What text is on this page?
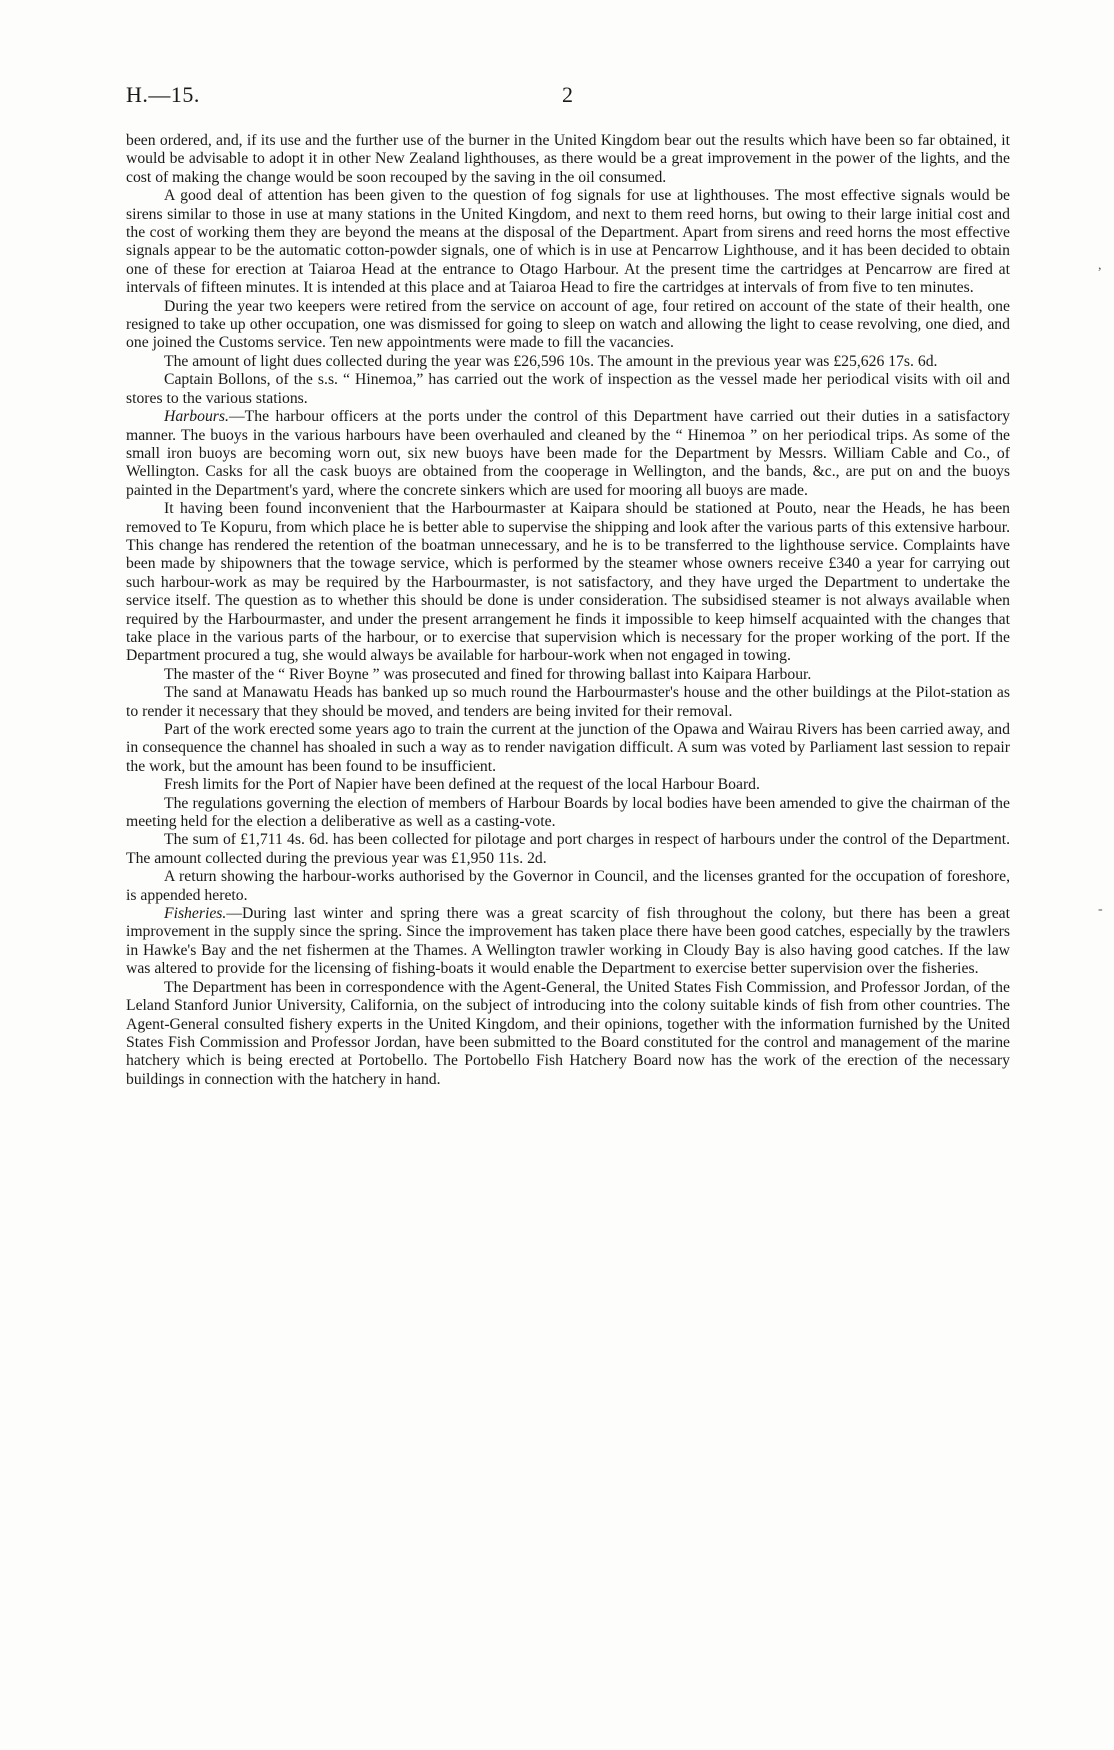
H.—15.	2

been ordered, and, if its use and the further use of the burner in the United Kingdom bear out the results which have been so far obtained, it would be advisable to adopt it in other New Zealand lighthouses, as there would be a great improvement in the power of the lights, and the cost of making the change would be soon recouped by the saving in the oil consumed.

A good deal of attention has been given to the question of fog signals for use at lighthouses. The most effective signals would be sirens similar to those in use at many stations in the United Kingdom, and next to them reed horns, but owing to their large initial cost and the cost of working them they are beyond the means at the disposal of the Department. Apart from sirens and reed horns the most effective signals appear to be the automatic cotton-powder signals, one of which is in use at Pencarrow Lighthouse, and it has been decided to obtain one of these for erection at Taiaroa Head at the entrance to Otago Harbour. At the present time the cartridges at Pencarrow are fired at intervals of fifteen minutes. It is intended at this place and at Taiaroa Head to fire the cartridges at intervals of from five to ten minutes.

During the year two keepers were retired from the service on account of age, four retired on account of the state of their health, one resigned to take up other occupation, one was dismissed for going to sleep on watch and allowing the light to cease revolving, one died, and one joined the Customs service. Ten new appointments were made to fill the vacancies.

The amount of light dues collected during the year was £26,596 10s. The amount in the previous year was £25,626 17s. 6d.

Captain Bollons, of the s.s. “ Hinemoa,” has carried out the work of inspection as the vessel made her periodical visits with oil and stores to the various stations.

Harbours.—The harbour officers at the ports under the control of this Department have carried out their duties in a satisfactory manner. The buoys in the various harbours have been overhauled and cleaned by the “ Hinemoa ” on her periodical trips. As some of the small iron buoys are becoming worn out, six new buoys have been made for the Department by Messrs. William Cable and Co., of Wellington. Casks for all the cask buoys are obtained from the cooperage in Wellington, and the bands, &c., are put on and the buoys painted in the Department's yard, where the concrete sinkers which are used for mooring all buoys are made.

It having been found inconvenient that the Harbourmaster at Kaipara should be stationed at Pouto, near the Heads, he has been removed to Te Kopuru, from which place he is better able to supervise the shipping and look after the various parts of this extensive harbour. This change has rendered the retention of the boatman unnecessary, and he is to be transferred to the lighthouse service. Complaints have been made by shipowners that the towage service, which is performed by the steamer whose owners receive £340 a year for carrying out such harbour-work as may be required by the Harbourmaster, is not satisfactory, and they have urged the Department to undertake the service itself. The question as to whether this should be done is under consideration. The subsidised steamer is not always available when required by the Harbourmaster, and under the present arrangement he finds it impossible to keep himself acquainted with the changes that take place in the various parts of the harbour, or to exercise that supervision which is necessary for the proper working of the port. If the Department procured a tug, she would always be available for harbour-work when not engaged in towing.

The master of the “ River Boyne ” was prosecuted and fined for throwing ballast into Kaipara Harbour.

The sand at Manawatu Heads has banked up so much round the Harbourmaster's house and the other buildings at the Pilot-station as to render it necessary that they should be moved, and tenders are being invited for their removal.

Part of the work erected some years ago to train the current at the junction of the Opawa and Wairau Rivers has been carried away, and in consequence the channel has shoaled in such a way as to render navigation difficult. A sum was voted by Parliament last session to repair the work, but the amount has been found to be insufficient.

Fresh limits for the Port of Napier have been defined at the request of the local Harbour Board.

The regulations governing the election of members of Harbour Boards by local bodies have been amended to give the chairman of the meeting held for the election a deliberative as well as a casting-vote.

The sum of £1,711 4s. 6d. has been collected for pilotage and port charges in respect of harbours under the control of the Department. The amount collected during the previous year was £1,950 11s. 2d.

A return showing the harbour-works authorised by the Governor in Council, and the licenses granted for the occupation of foreshore, is appended hereto.

Fisheries.—During last winter and spring there was a great scarcity of fish throughout the colony, but there has been a great improvement in the supply since the spring. Since the improvement has taken place there have been good catches, especially by the trawlers in Hawke's Bay and the net fishermen at the Thames. A Wellington trawler working in Cloudy Bay is also having good catches. If the law was altered to provide for the licensing of fishing-boats it would enable the Department to exercise better supervision over the fisheries.

The Department has been in correspondence with the Agent-General, the United States Fish Commission, and Professor Jordan, of the Leland Stanford Junior University, California, on the subject of introducing into the colony suitable kinds of fish from other countries. The Agent-General consulted fishery experts in the United Kingdom, and their opinions, together with the information furnished by the United States Fish Commission and Professor Jordan, have been submitted to the Board constituted for the control and management of the marine hatchery which is being erected at Portobello. The Portobello Fish Hatchery Board now has the work of the erection of the necessary buildings in connection with the hatchery in hand.

,
-
